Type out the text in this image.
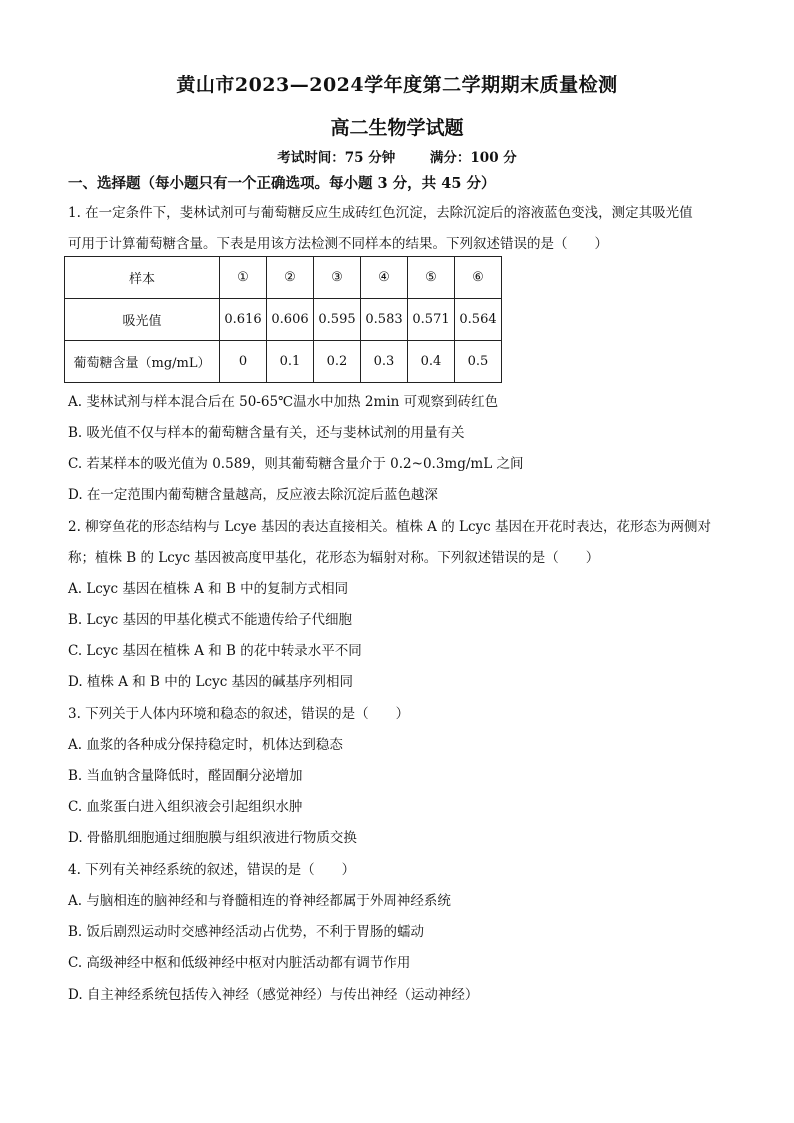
黄山市2023—2024学年度第二学期期末质量检测
高二生物学试题
考试时间：75 分钟	满分：100 分
一、选择题（每小题只有一个正确选项。每小题 3 分，共 45 分）
1. 在一定条件下，斐林试剂可与葡萄糖反应生成砖红色沉淀，去除沉淀后的溶液蓝色变浅，测定其吸光值
可用于计算葡萄糖含量。下表是用该方法检测不同样本的结果。下列叙述错误的是（　　）
样本	①	②	③	④	⑤	⑥
吸光值	0.616	0.606	0.595	0.583	0.571	0.564
葡萄糖含量（mg/mL）	0	0.1	0.2	0.3	0.4	0.5
A. 斐林试剂与样本混合后在 50-65℃温水中加热 2min 可观察到砖红色
B. 吸光值不仅与样本的葡萄糖含量有关，还与斐林试剂的用量有关
C. 若某样本的吸光值为 0.589，则其葡萄糖含量介于 0.2~0.3mg/mL 之间
D. 在一定范围内葡萄糖含量越高，反应液去除沉淀后蓝色越深
2. 柳穿鱼花的形态结构与 Lcye 基因的表达直接相关。植株 A 的 Lcyc 基因在开花时表达，花形态为两侧对
称；植株 B 的 Lcyc 基因被高度甲基化，花形态为辐射对称。下列叙述错误的是（　　）
A. Lcyc 基因在植株 A 和 B 中的复制方式相同
B. Lcyc 基因的甲基化模式不能遗传给子代细胞
C. Lcyc 基因在植株 A 和 B 的花中转录水平不同
D. 植株 A 和 B 中的 Lcyc 基因的碱基序列相同
3. 下列关于人体内环境和稳态的叙述，错误的是（　　）
A. 血浆的各种成分保持稳定时，机体达到稳态
B. 当血钠含量降低时，醛固酮分泌增加
C. 血浆蛋白进入组织液会引起组织水肿
D. 骨骼肌细胞通过细胞膜与组织液进行物质交换
4. 下列有关神经系统的叙述，错误的是（　　）
A. 与脑相连的脑神经和与脊髓相连的脊神经都属于外周神经系统
B. 饭后剧烈运动时交感神经活动占优势，不利于胃肠的蠕动
C. 高级神经中枢和低级神经中枢对内脏活动都有调节作用
D. 自主神经系统包括传入神经（感觉神经）与传出神经（运动神经）
